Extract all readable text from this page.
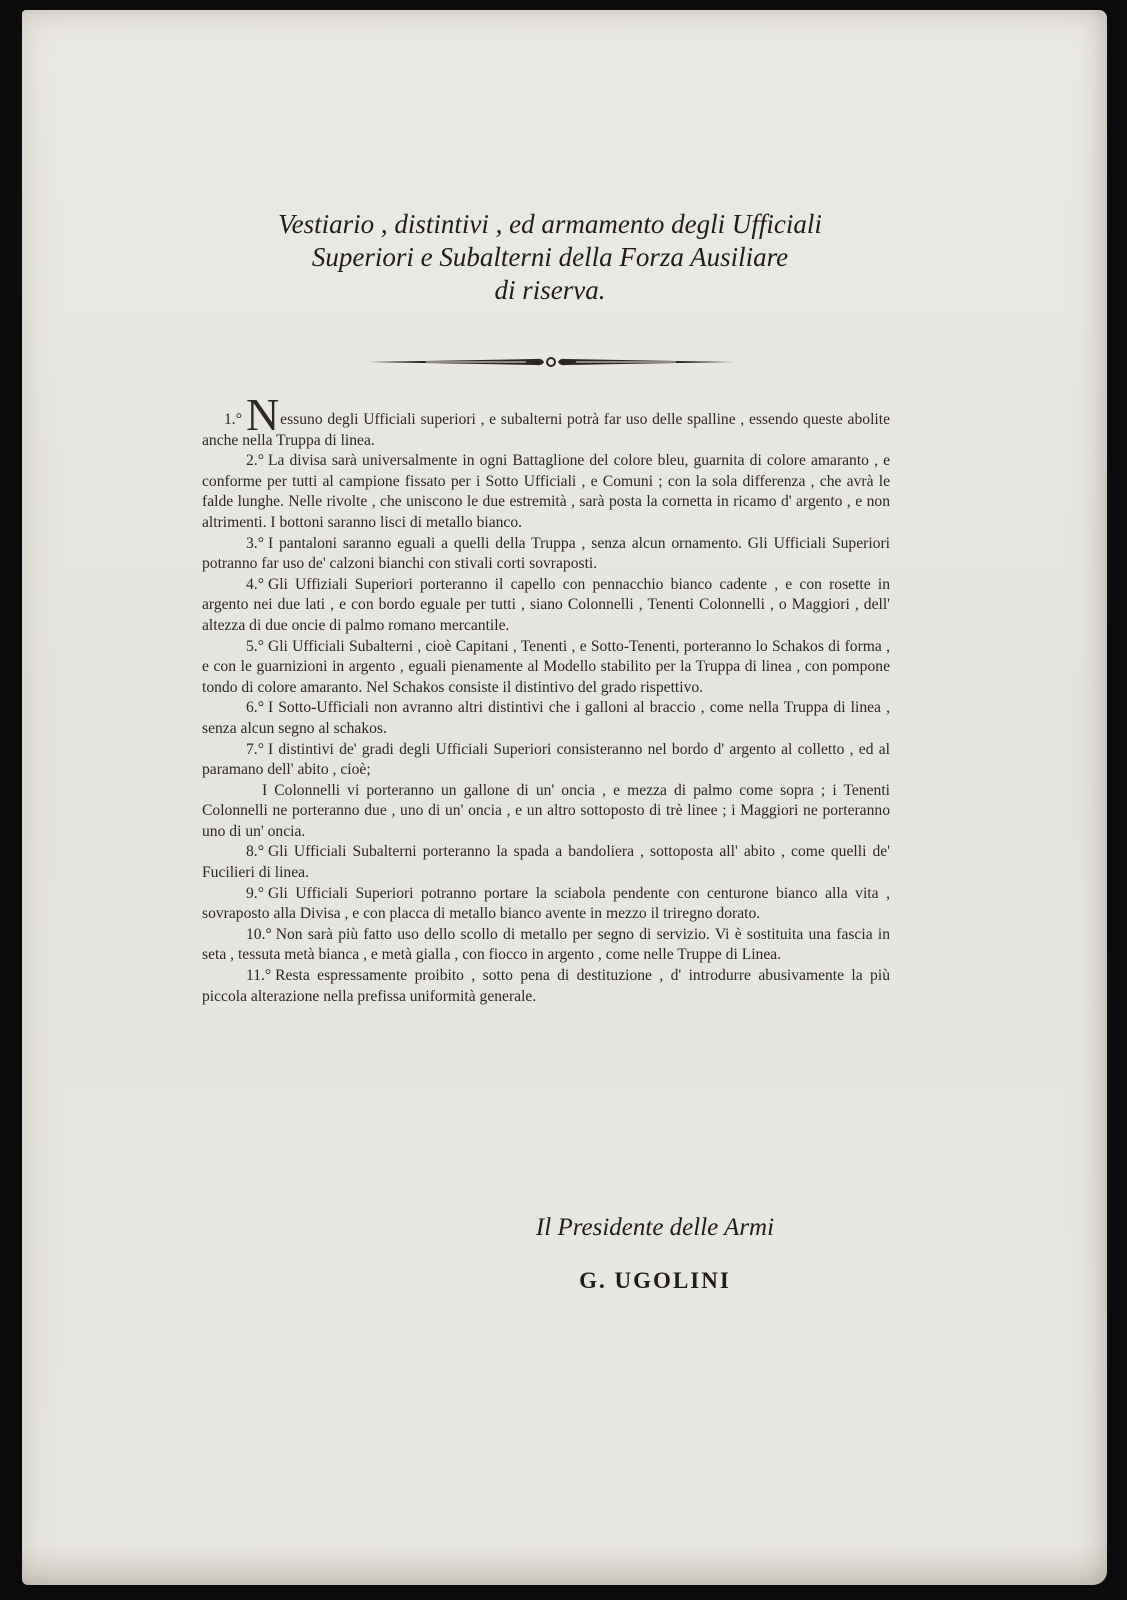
Vestiario , distintivi , ed armamento degli Ufficiali
Superiori e Subalterni della Forza Ausiliare
di riserva.

1.°Nessuno degli Ufficiali superiori , e subalterni potrà far uso delle spalline , essendo queste abolite anche nella Truppa di linea.

2.° La divisa sarà universalmente in ogni Battaglione del colore bleu, guarnita di colore amaranto , e conforme per tutti al campione fissato per i Sotto Ufficiali , e Comuni ; con la sola differenza , che avrà le falde lunghe. Nelle rivolte , che uniscono le due estremità , sarà posta la cornetta in ricamo d' argento , e non altrimenti. I bottoni saranno lisci di metallo bianco.

3.° I pantaloni saranno eguali a quelli della Truppa , senza alcun ornamento. Gli Ufficiali Superiori potranno far uso de' calzoni bianchi con stivali corti sovraposti.

4.° Gli Uffiziali Superiori porteranno il capello con pennacchio bianco cadente , e con rosette in argento nei due lati , e con bordo eguale per tutti , siano Colonnelli , Tenenti Colonnelli , o Maggiori , dell' altezza di due oncie di palmo romano mercantile.

5.° Gli Ufficiali Subalterni , cioè Capitani , Tenenti , e Sotto-Tenenti, porteranno lo Schakos di forma , e con le guarnizioni in argento , eguali pienamente al Modello stabilito per la Truppa di linea , con pompone tondo di colore amaranto. Nel Schakos consiste il distintivo del grado rispettivo.

6.° I Sotto-Ufficiali non avranno altri distintivi che i galloni al braccio , come nella Truppa di linea , senza alcun segno al schakos.

7.° I distintivi de' gradi degli Ufficiali Superiori consisteranno nel bordo d' argento al colletto , ed al paramano dell' abito , cioè;

I Colonnelli vi porteranno un gallone di un' oncia , e mezza di palmo come sopra ; i Tenenti Colonnelli ne porteranno due , uno di un' oncia , e un altro sottoposto di trè linee ; i Maggiori ne porteranno uno di un' oncia.

8.° Gli Ufficiali Subalterni porteranno la spada a bandoliera , sottoposta all' abito , come quelli de' Fucilieri di linea.

9.° Gli Ufficiali Superiori potranno portare la sciabola pendente con centurone bianco alla vita , sovraposto alla Divisa , e con placca di metallo bianco avente in mezzo il triregno dorato.

10.° Non sarà più fatto uso dello scollo di metallo per segno di servizio. Vi è sostituita una fascia in seta , tessuta metà bianca , e metà gialla , con fiocco in argento , come nelle Truppe di Linea.

11.° Resta espressamente proibito , sotto pena di destituzione , d' introdurre abusivamente la più piccola alterazione nella prefissa uniformità generale.

Il Presidente delle Armi
G. UGOLINI
